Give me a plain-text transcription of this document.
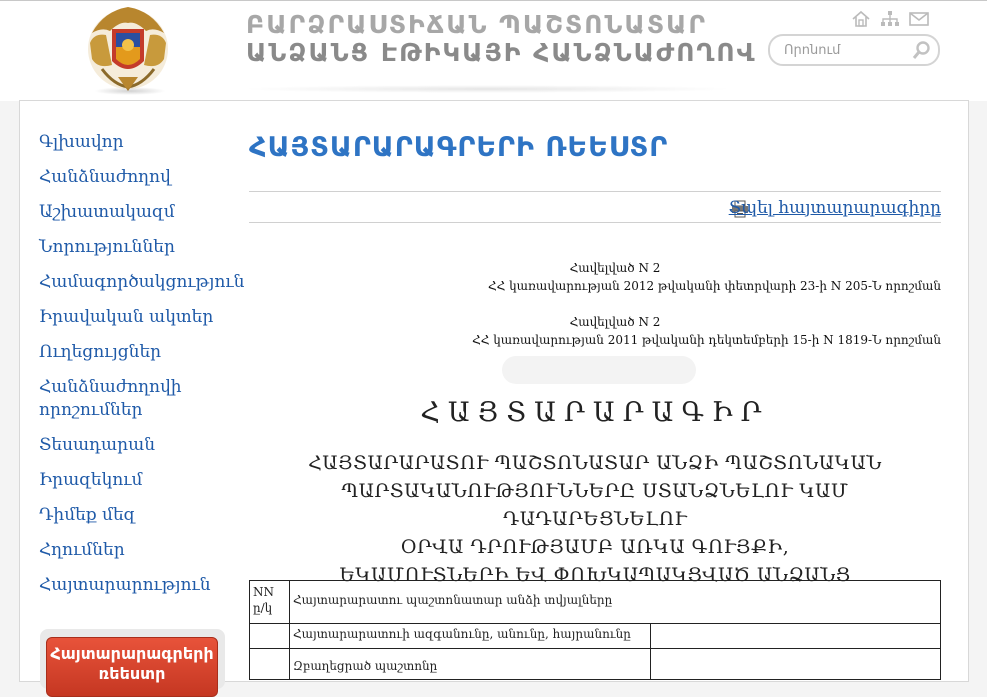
ԲԱՐՁՐԱՍՏԻՃԱՆ ՊԱՇՏՈՆԱՏԱՐ
ԱՆՁԱՆՑ ԷԹԻԿԱՅԻ ՀԱՆՁՆԱԺՈՂՈՎ
Որոնում
Գլխավոր
Հանձնաժողով
Աշխատակազմ
Նորություններ
Համագործակցություն
Իրավական ակտեր
Ուղեցույցներ
Հանձնաժողովի որոշումներ
Տեսադարան
Իրազեկում
Դիմեք մեզ
Հղումներ
Հայտարարություն
Հայտարարագրերի ռեեստր
ՀԱՅՏԱՐԱՐԱԳՐԵՐԻ ՌԵԵՍՏՐ
Տպել հայտարարագիրը
Հավելված N 2
ՀՀ կառավարության 2012 թվականի փետրվարի 23-ի N 205-Ն որոշման
Հավելված N 2
ՀՀ կառավարության 2011 թվականի դեկտեմբերի 15-ի N 1819-Ն որոշման
ՀԱՅՏԱՐԱՐԱԳԻՐ
ՀԱՅՏԱՐԱՐԱՏՈՒ ՊԱՇՏՈՆԱՏԱՐ ԱՆՁԻ ՊԱՇՏՈՆԱԿԱՆ
ՊԱՐՏԱԿԱՆՈՒԹՅՈՒՆՆԵՐԸ ՍՏԱՆՁՆԵԼՈՒ ԿԱՄ ԴԱԴԱՐԵՑՆԵԼՈՒ
ՕՐՎԱ ԴՐՈՒԹՅԱՄԲ ԱՌԿԱ ԳՈՒՅՔԻ,
ԵԿԱՄՈՒՏՆԵՐԻ ԵՎ ՓՈԽԿԱՊԱԿՑՎԱԾ ԱՆՁԱՆՑ
NN
ը/կ	Հայտարարատու պաշտոնատար անձի տվյալները	
	Հայտարարատուի ազգանունը, անունը, հայրանունը	
	Զբաղեցրած պաշտոնը	
